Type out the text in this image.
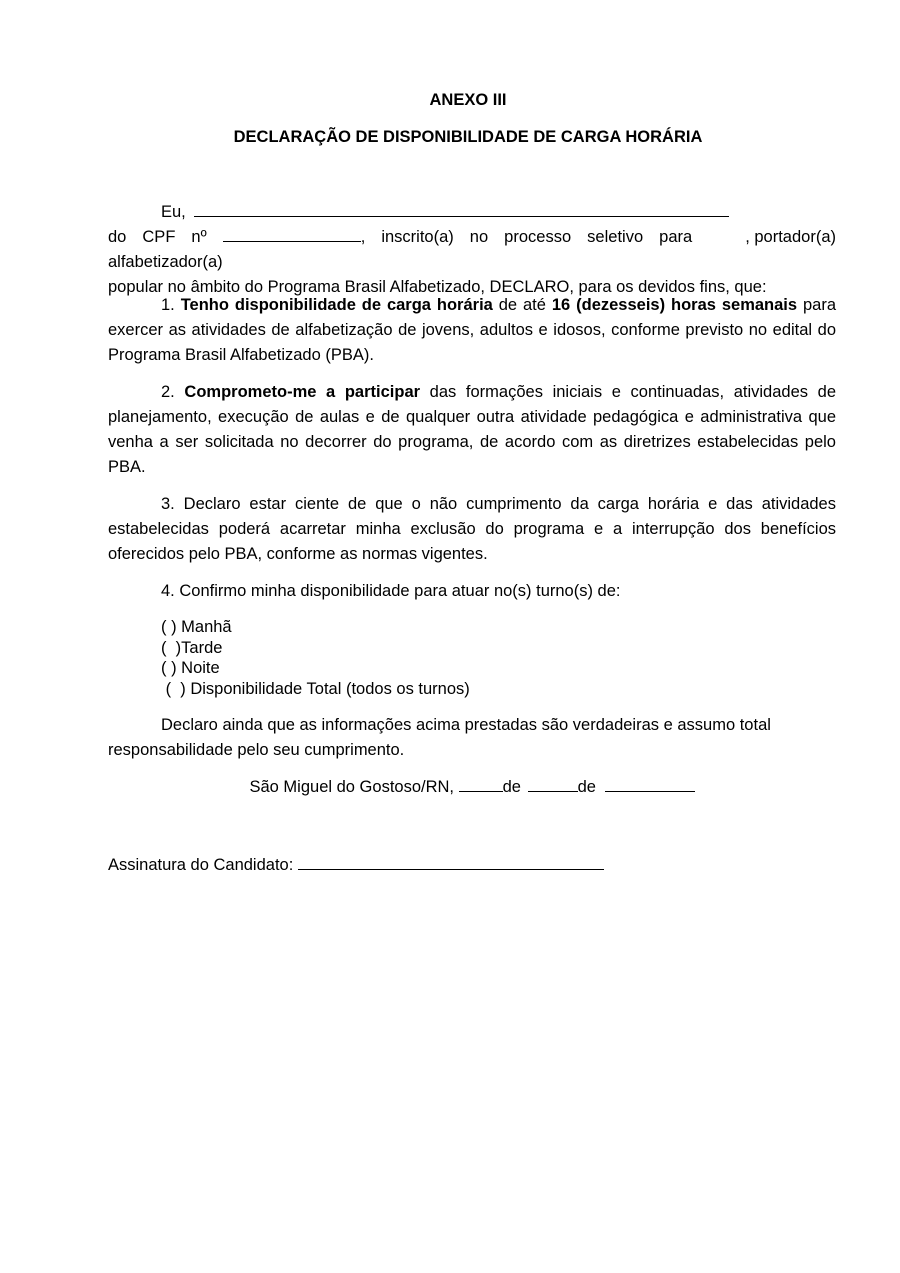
ANEXO III
DECLARAÇÃO DE DISPONIBILIDADE DE CARGA HORÁRIA

Eu,
, portador(a)

do CPF nº	, inscrito(a) no processo seletivo para alfabetizador(a)

popular no âmbito do Programa Brasil Alfabetizado, DECLARO, para os devidos fins, que:

1. Tenho disponibilidade de carga horária de até 16 (dezesseis) horas semanais para exercer as atividades de alfabetização de jovens, adultos e idosos, conforme previsto no edital do Programa Brasil Alfabetizado (PBA).

2. Comprometo-me a participar das formações iniciais e continuadas, atividades de planejamento, execução de aulas e de qualquer outra atividade pedagógica e administrativa que venha a ser solicitada no decorrer do programa, de acordo com as diretrizes estabelecidas pelo PBA.

3. Declaro estar ciente de que o não cumprimento da carga horária e das atividades estabelecidas poderá acarretar minha exclusão do programa e a interrupção dos benefícios oferecidos pelo PBA, conforme as normas vigentes.

4. Confirmo minha disponibilidade para atuar no(s) turno(s) de:

( ) Manhã
(  )Tarde
( ) Noite
(  ) Disponibilidade Total (todos os turnos)

Declaro ainda que as informações acima prestadas são verdadeiras e assumo total responsabilidade pelo seu cumprimento.

São Miguel do Gostoso/RN,	de	de
Assinatura do Candidato:
